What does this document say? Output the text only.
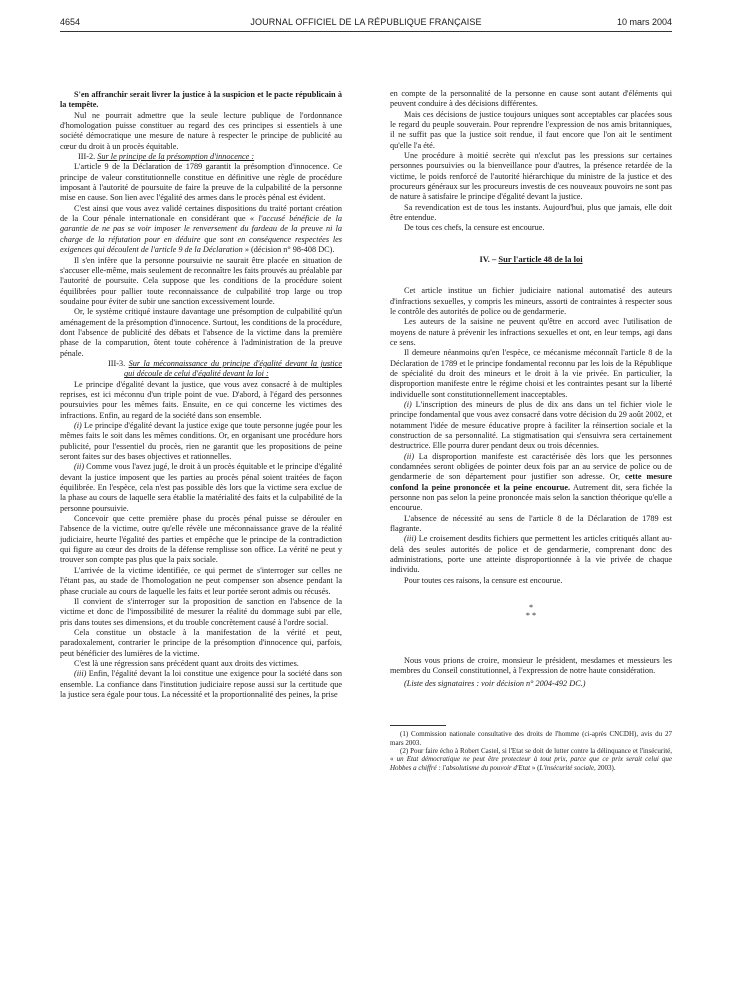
4654	JOURNAL OFFICIEL DE LA RÉPUBLIQUE FRANÇAISE	10 mars 2004

S'en affranchir serait livrer la justice à la suspicion et le pacte républicain à la tempête.

Nul ne pourrait admettre que la seule lecture publique de l'ordonnance d'homologation puisse constituer au regard des ces principes si essentiels à une société démocratique une mesure de nature à respecter le principe de publicité au cœur du droit à un procès équitable.

III-2. Sur le principe de la présomption d'innocence :

L'article 9 de la Déclaration de 1789 garantit la présomption d'innocence. Ce principe de valeur constitutionnelle constitue en définitive une règle de procédure imposant à l'autorité de poursuite de faire la preuve de la culpabilité de la personne mise en cause. Son lien avec l'égalité des armes dans le procès pénal est évident.

C'est ainsi que vous avez validé certaines dispositions du traité portant création de la Cour pénale internationale en considérant que « l'accusé bénéficie de la garantie de ne pas se voir imposer le renversement du fardeau de la preuve ni la charge de la réfutation pour en déduire que sont en conséquence respectées les exigences qui découlent de l'article 9 de la Déclaration » (décision n° 98-408 DC).

Il s'en infère que la personne poursuivie ne saurait être placée en situation de s'accuser elle-même, mais seulement de reconnaître les faits prouvés au préalable par l'autorité de poursuite. Cela suppose que les conditions de la procédure soient équilibrées pour pallier toute reconnaissance de culpabilité trop large ou trop soudaine pour éviter de subir une sanction excessivement lourde.

Or, le système critiqué instaure davantage une présomption de culpabilité qu'un aménagement de la présomption d'innocence. Surtout, les conditions de la procédure, dont l'absence de publicité des débats et l'absence de la victime dans la première phase de la comparution, ôtent toute cohérence à l'administration de la preuve pénale.

III-3. Sur la méconnaissance du principe d'égalité devant la justice qui découle de celui d'égalité devant la loi :

Le principe d'égalité devant la justice, que vous avez consacré à de multiples reprises, est ici méconnu d'un triple point de vue. D'abord, à l'égard des personnes poursuivies pour les mêmes faits. Ensuite, en ce qui concerne les victimes des infractions. Enfin, au regard de la société dans son ensemble.

(i) Le principe d'égalité devant la justice exige que toute personne jugée pour les mêmes faits le soit dans les mêmes conditions. Or, en organisant une procédure hors publicité, pour l'essentiel du procès, rien ne garantit que les propositions de peine seront faites sur des bases objectives et rationnelles.

(ii) Comme vous l'avez jugé, le droit à un procès équitable et le principe d'égalité devant la justice imposent que les parties au procès pénal soient traitées de façon équilibrée. En l'espèce, cela n'est pas possible dès lors que la victime sera exclue de la phase au cours de laquelle sera établie la matérialité des faits et la culpabilité de la personne poursuivie.

Concevoir que cette première phase du procès pénal puisse se dérouler en l'absence de la victime, outre qu'elle révèle une méconnaissance grave de la réalité judiciaire, heurte l'égalité des parties et empêche que le principe de la contradiction qui figure au cœur des droits de la défense remplisse son office. La vérité ne peut y trouver son compte pas plus que la paix sociale.

L'arrivée de la victime identifiée, ce qui permet de s'interroger sur celles ne l'étant pas, au stade de l'homologation ne peut compenser son absence pendant la phase cruciale au cours de laquelle les faits et leur portée seront admis ou récusés.

Il convient de s'interroger sur la proposition de sanction en l'absence de la victime et donc de l'impossibilité de mesurer la réalité du dommage subi par elle, pris dans toutes ses dimensions, et du trouble concrètement causé à l'ordre social.

Cela constitue un obstacle à la manifestation de la vérité et peut, paradoxalement, contrarier le principe de la présomption d'innocence qui, parfois, peut bénéficier des lumières de la victime.

C'est là une régression sans précédent quant aux droits des victimes.

(iii) Enfin, l'égalité devant la loi constitue une exigence pour la société dans son ensemble. La confiance dans l'institution judiciaire repose aussi sur la certitude que la justice sera égale pour tous. La nécessité et la proportionnalité des peines, la prise

en compte de la personnalité de la personne en cause sont autant d'éléments qui peuvent conduire à des décisions différentes.

Mais ces décisions de justice toujours uniques sont acceptables car placées sous le regard du peuple souverain. Pour reprendre l'expression de nos amis britanniques, il ne suffit pas que la justice soit rendue, il faut encore que l'on ait le sentiment qu'elle l'a été.

Une procédure à moitié secrète qui n'exclut pas les pressions sur certaines personnes poursuivies ou la bienveillance pour d'autres, la présence retardée de la victime, le poids renforcé de l'autorité hiérarchique du ministre de la justice et des procureurs généraux sur les procureurs investis de ces nouveaux pouvoirs ne sont pas de nature à satisfaire le principe d'égalité devant la justice.

Sa revendication est de tous les instants. Aujourd'hui, plus que jamais, elle doit être entendue.

De tous ces chefs, la censure est encourue.

IV. – Sur l'article 48 de la loi

Cet article institue un fichier judiciaire national automatisé des auteurs d'infractions sexuelles, y compris les mineurs, assorti de contraintes à respecter sous le contrôle des autorités de police ou de gendarmerie.

Les auteurs de la saisine ne peuvent qu'être en accord avec l'utilisation de moyens de nature à prévenir les infractions sexuelles et ont, en leur temps, agi dans ce sens.

Il demeure néanmoins qu'en l'espèce, ce mécanisme méconnaît l'article 8 de la Déclaration de 1789 et le principe fondamental reconnu par les lois de la République de spécialité du droit des mineurs et le droit à la vie privée. En particulier, la disproportion manifeste entre le régime choisi et les contraintes pesant sur la liberté individuelle sont constitutionnellement inacceptables.

(i) L'inscription des mineurs de plus de dix ans dans un tel fichier viole le principe fondamental que vous avez consacré dans votre décision du 29 août 2002, et notamment l'idée de mesure éducative propre à faciliter la réinsertion sociale et la construction de sa personnalité. La stigmatisation qui s'ensuivra sera certainement destructrice. Elle pourra durer pendant deux ou trois décennies.

(ii) La disproportion manifeste est caractérisée dès lors que les personnes condamnées seront obligées de pointer deux fois par an au service de police ou de gendarmerie de son département pour justifier son adresse. Or, cette mesure confond la peine prononcée et la peine encourue. Autrement dit, sera fichée la personne non pas selon la peine prononcée mais selon la sanction théorique qu'elle a encourue.

L'absence de nécessité au sens de l'article 8 de la Déclaration de 1789 est flagrante.

(iii) Le croisement desdits fichiers que permettent les articles critiqués allant au-delà des seules autorités de police et de gendarmerie, comprenant donc des administrations, porte une atteinte disproportionnée à la vie privée de chaque individu.

Pour toutes ces raisons, la censure est encourue.

*
* *

Nous vous prions de croire, monsieur le président, mesdames et messieurs les membres du Conseil constitutionnel, à l'expression de notre haute considération.

(Liste des signataires : voir décision n° 2004-492 DC.)

(1) Commission nationale consultative des droits de l'homme (ci-après CNCDH), avis du 27 mars 2003.

(2) Pour faire écho à Robert Castel, si l'Etat se doit de lutter contre la délinquance et l'insécurité, « un Etat démocratique ne peut être protecteur à tout prix, parce que ce prix serait celui que Hobbes a chiffré : l'absolutisme du pouvoir d'Etat » (L'insécurité sociale, 2003).
